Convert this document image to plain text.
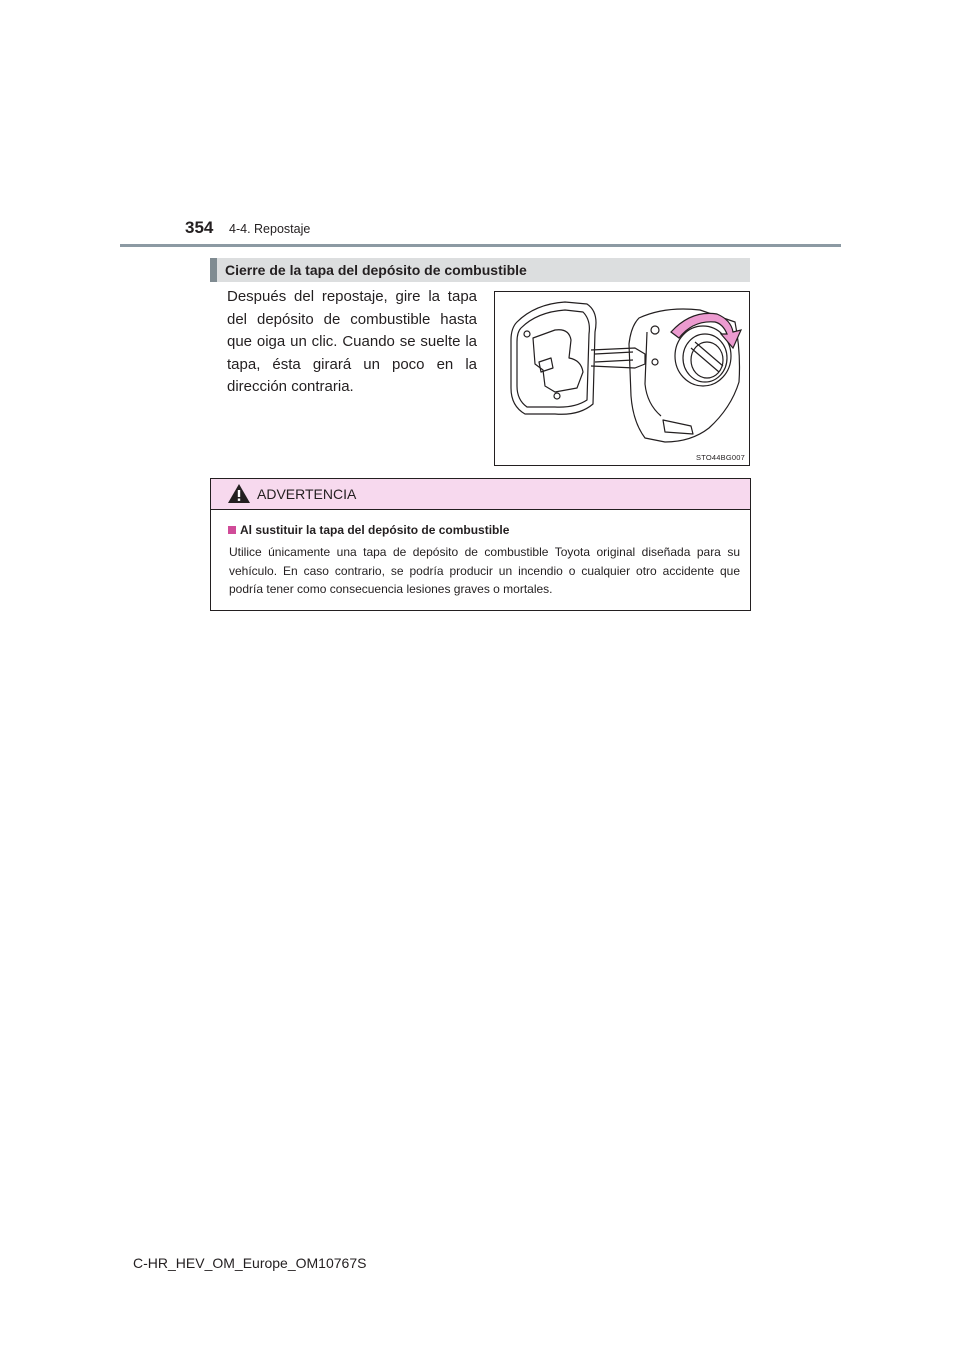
354 4-4. Repostaje
Cierre de la tapa del depósito de combustible
Después del repostaje, gire la tapa del depósito de combustible hasta que oiga un clic. Cuando se suelte la tapa, ésta girará un poco en la dirección contraria.
STO44BG007
ADVERTENCIA
Al sustituir la tapa del depósito de combustible
Utilice únicamente una tapa de depósito de combustible Toyota original diseñada para su vehículo. En caso contrario, se podría producir un incendio o cualquier otro accidente que podría tener como consecuencia lesiones graves o mortales.
C-HR_HEV_OM_Europe_OM10767S
